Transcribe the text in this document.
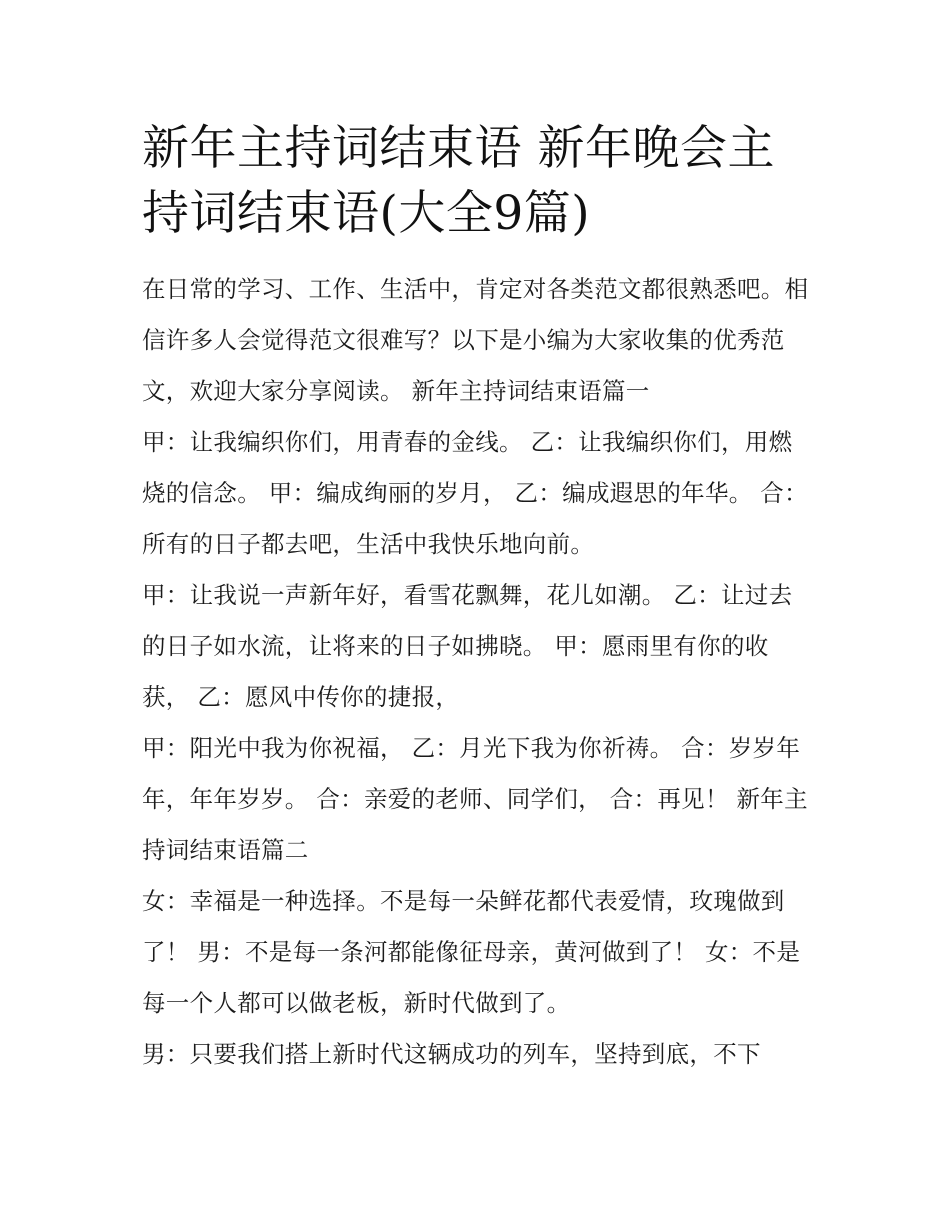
新年主持词结束语 新年晚会主持词结束语(大全9篇)

在日常的学习、工作、生活中，肯定对各类范文都很熟悉吧。相信许多人会觉得范文很难写？以下是小编为大家收集的优秀范文，欢迎大家分享阅读。 新年主持词结束语篇一

甲：让我编织你们，用青春的金线。 乙：让我编织你们，用燃烧的信念。 甲：编成绚丽的岁月， 乙：编成遐思的年华。 合：所有的日子都去吧，生活中我快乐地向前。

甲：让我说一声新年好，看雪花飘舞，花儿如潮。 乙：让过去的日子如水流，让将来的日子如拂晓。 甲：愿雨里有你的收获， 乙：愿风中传你的捷报，

甲：阳光中我为你祝福， 乙：月光下我为你祈祷。 合：岁岁年年，年年岁岁。 合：亲爱的老师、同学们， 合：再见！ 新年主持词结束语篇二

女：幸福是一种选择。不是每一朵鲜花都代表爱情，玫瑰做到了！ 男：不是每一条河都能像征母亲，黄河做到了！ 女：不是每一个人都可以做老板，新时代做到了。

男：只要我们搭上新时代这辆成功的列车，坚持到底，不下
